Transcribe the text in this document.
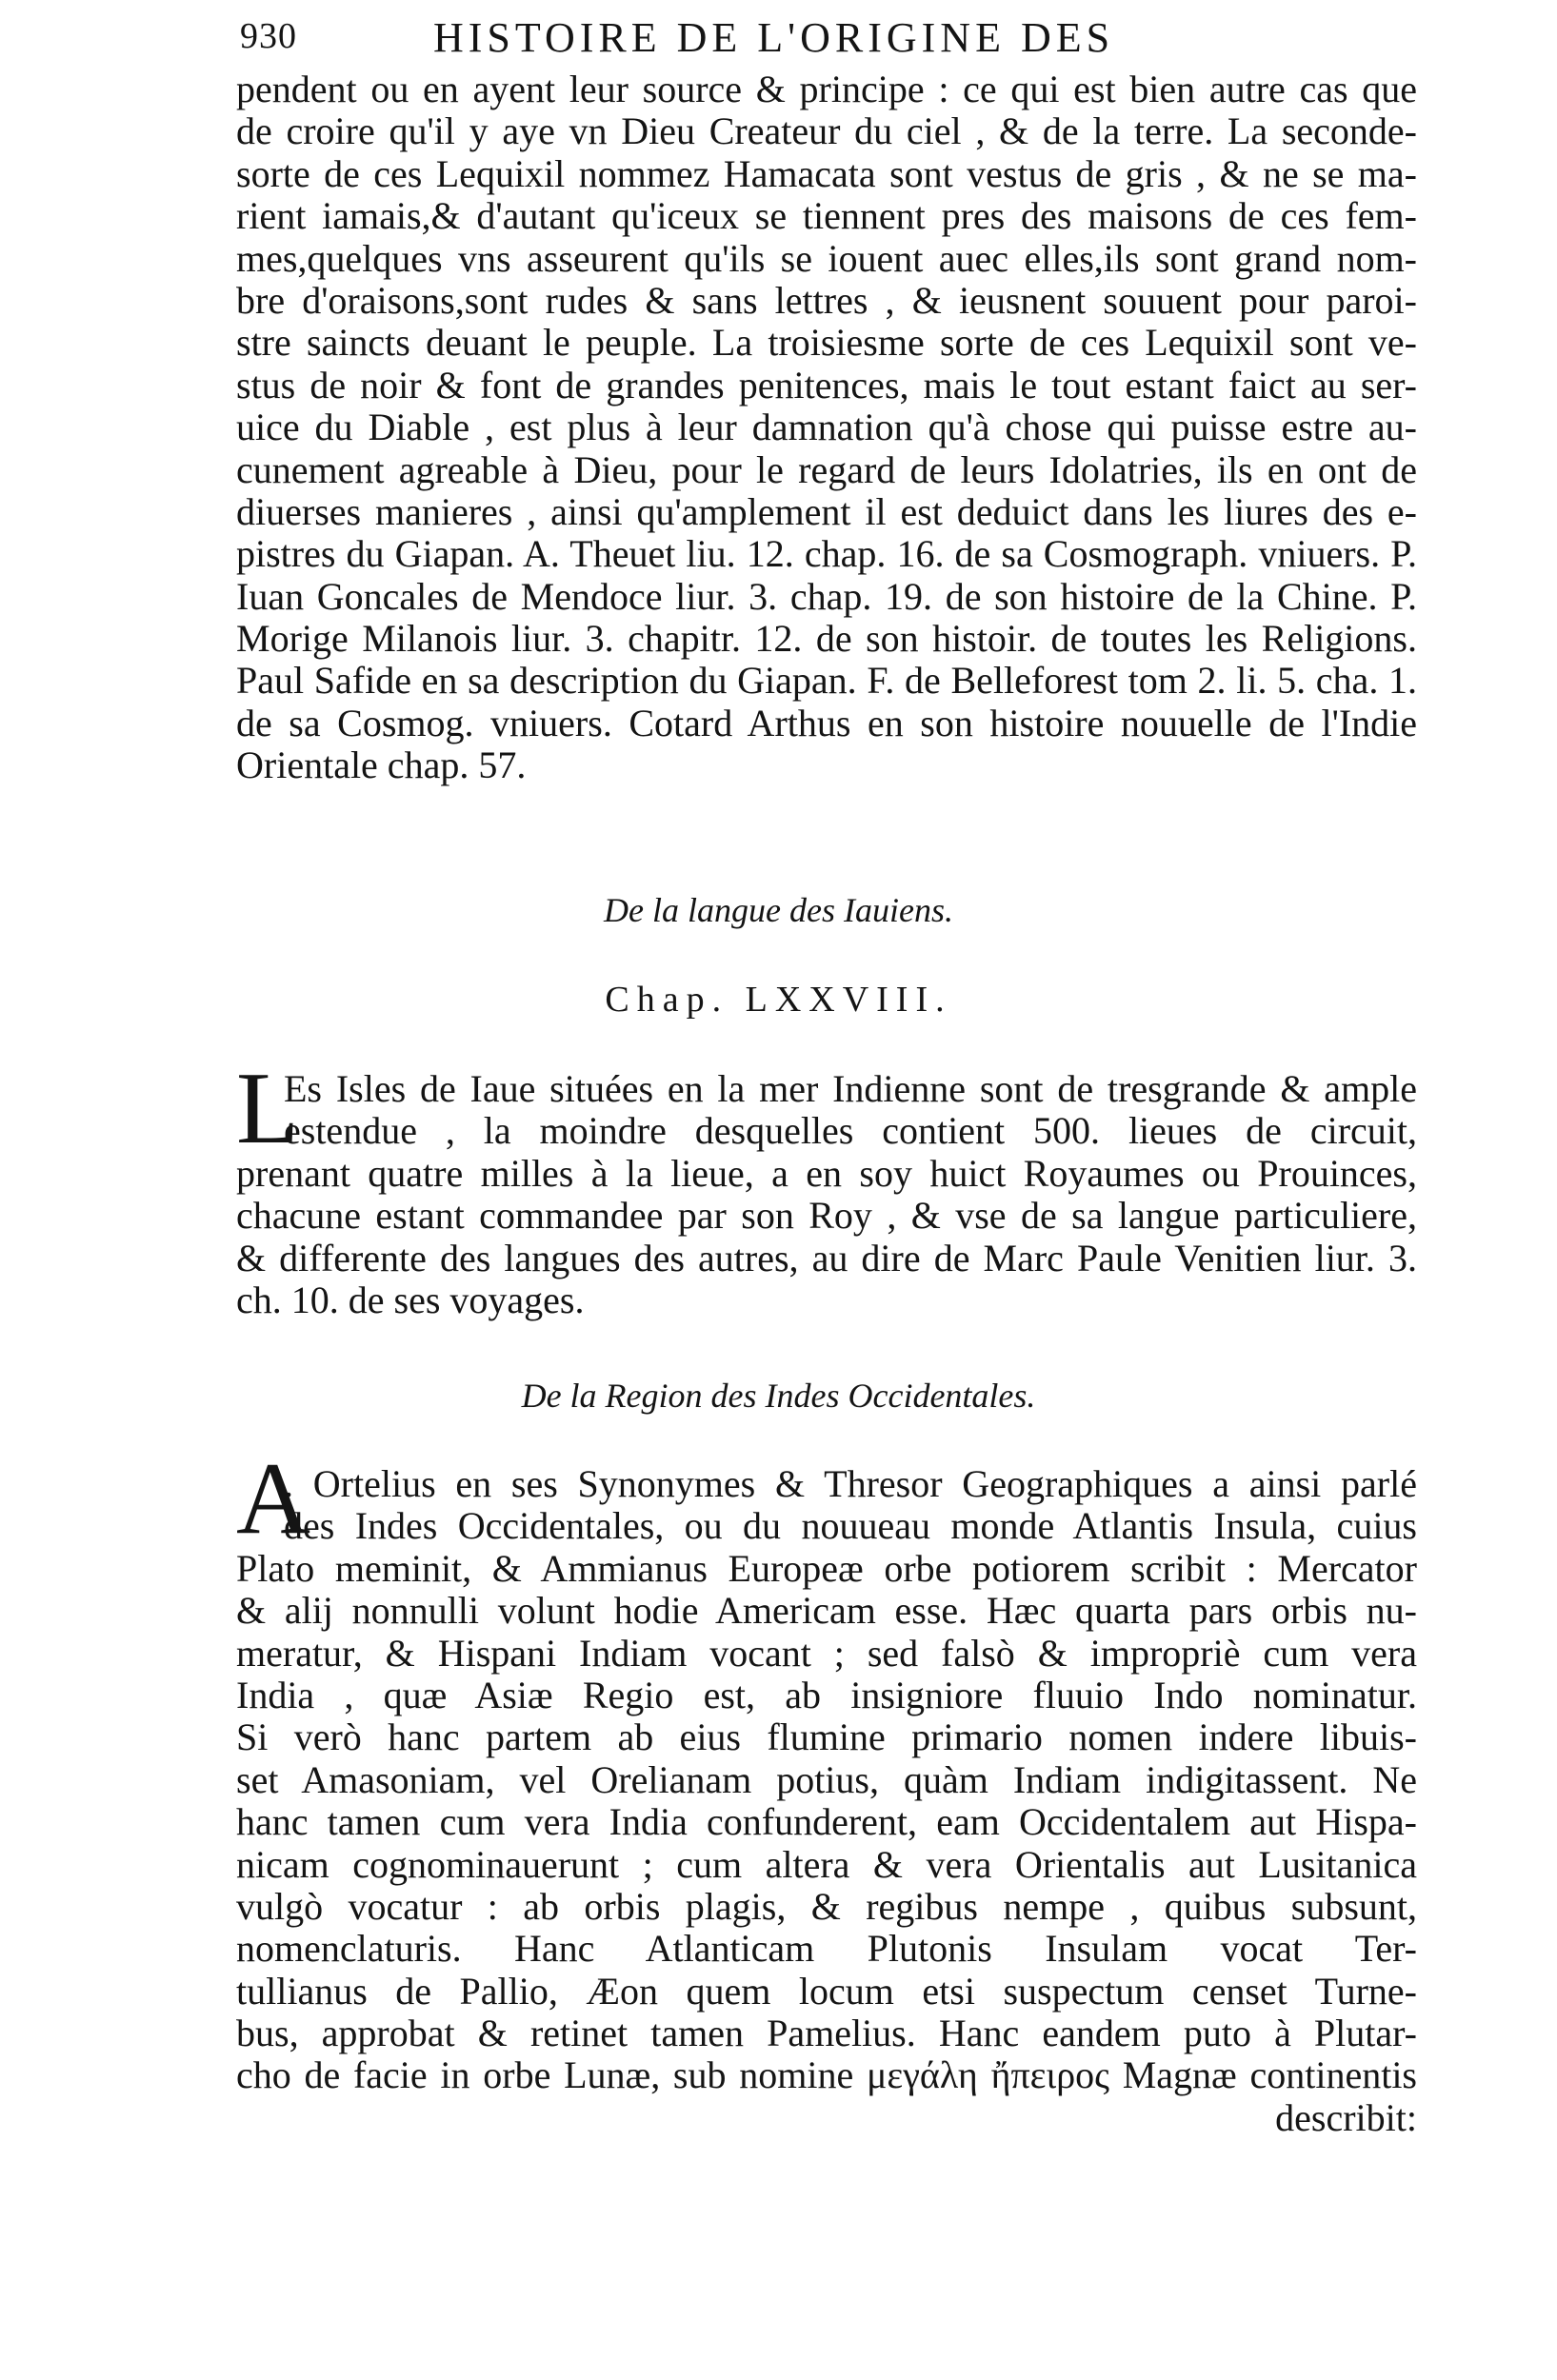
930	HISTOIRE DE L'ORIGINE DES
pendent ou en ayent leur source & principe : ce qui est bien autre cas que
de croire qu'il y aye vn Dieu Createur du ciel , & de la terre. La seconde-
sorte de ces Lequixil nommez Hamacata sont vestus de gris , & ne se ma-
rient iamais,& d'autant qu'iceux se tiennent pres des maisons de ces fem-
mes,quelques vns asseurent qu'ils se iouent auec elles,ils sont grand nom-
bre d'oraisons,sont rudes & sans lettres , & ieusnent souuent pour paroi-
stre saincts deuant le peuple. La troisiesme sorte de ces Lequixil sont ve-
stus de noir & font de grandes penitences, mais le tout estant faict au ser-
uice du Diable , est plus à leur damnation qu'à chose qui puisse estre au-
cunement agreable à Dieu, pour le regard de leurs Idolatries, ils en ont de
diuerses manieres , ainsi qu'amplement il est deduict dans les liures des e-
pistres du Giapan. A. Theuet liu. 12. chap. 16. de sa Cosmograph. vniuers. P.
Iuan Goncales de Mendoce liur. 3. chap. 19. de son histoire de la Chine. P.
Morige Milanois liur. 3. chapitr. 12. de son histoir. de toutes les Religions.
Paul Safide en sa description du Giapan. F. de Belleforest tom 2. li. 5. cha. 1.
de sa Cosmog. vniuers. Cotard Arthus en son histoire nouuelle de l'Indie
Orientale chap. 57.
De la langue des Iauiens.
Chap. LXXVIII.
L
Es Isles de Iaue situées en la mer Indienne sont de tresgrande & ample
estendue , la moindre desquelles contient 500. lieues de circuit,
prenant quatre milles à la lieue, a en soy huict Royaumes ou Prouinces,
chacune estant commandee par son Roy , & vse de sa langue particuliere,
& differente des langues des autres, au dire de Marc Paule Venitien liur. 3.
ch. 10. de ses voyages.
De la Region des Indes Occidentales.
A
. Ortelius en ses Synonymes & Thresor Geographiques a ainsi parlé
des Indes Occidentales, ou du nouueau monde Atlantis Insula, cuius
Plato meminit, & Ammianus Europeæ orbe potiorem scribit : Mercator
& alij nonnulli volunt hodie Americam esse. Hæc quarta pars orbis nu-
meratur, & Hispani Indiam vocant ; sed falsò & impropriè cum vera
India , quæ Asiæ Regio est, ab insigniore fluuio Indo nominatur.
Si verò hanc partem ab eius flumine primario nomen indere libuis-
set Amasoniam, vel Orelianam potius, quàm Indiam indigitassent. Ne
hanc tamen cum vera India confunderent, eam Occidentalem aut Hispa-
nicam cognominauerunt ; cum altera & vera Orientalis aut Lusitanica
vulgò vocatur : ab orbis plagis, & regibus nempe , quibus subsunt,
nomenclaturis. Hanc Atlanticam Plutonis Insulam vocat Ter-
tullianus de Pallio, Æon quem locum etsi suspectum censet Turne-
bus, approbat & retinet tamen Pamelius. Hanc eandem puto à Plutar-
cho de facie in orbe Lunæ, sub nomine μεγάλη ἤπειρος Magnæ continentis
describit:
